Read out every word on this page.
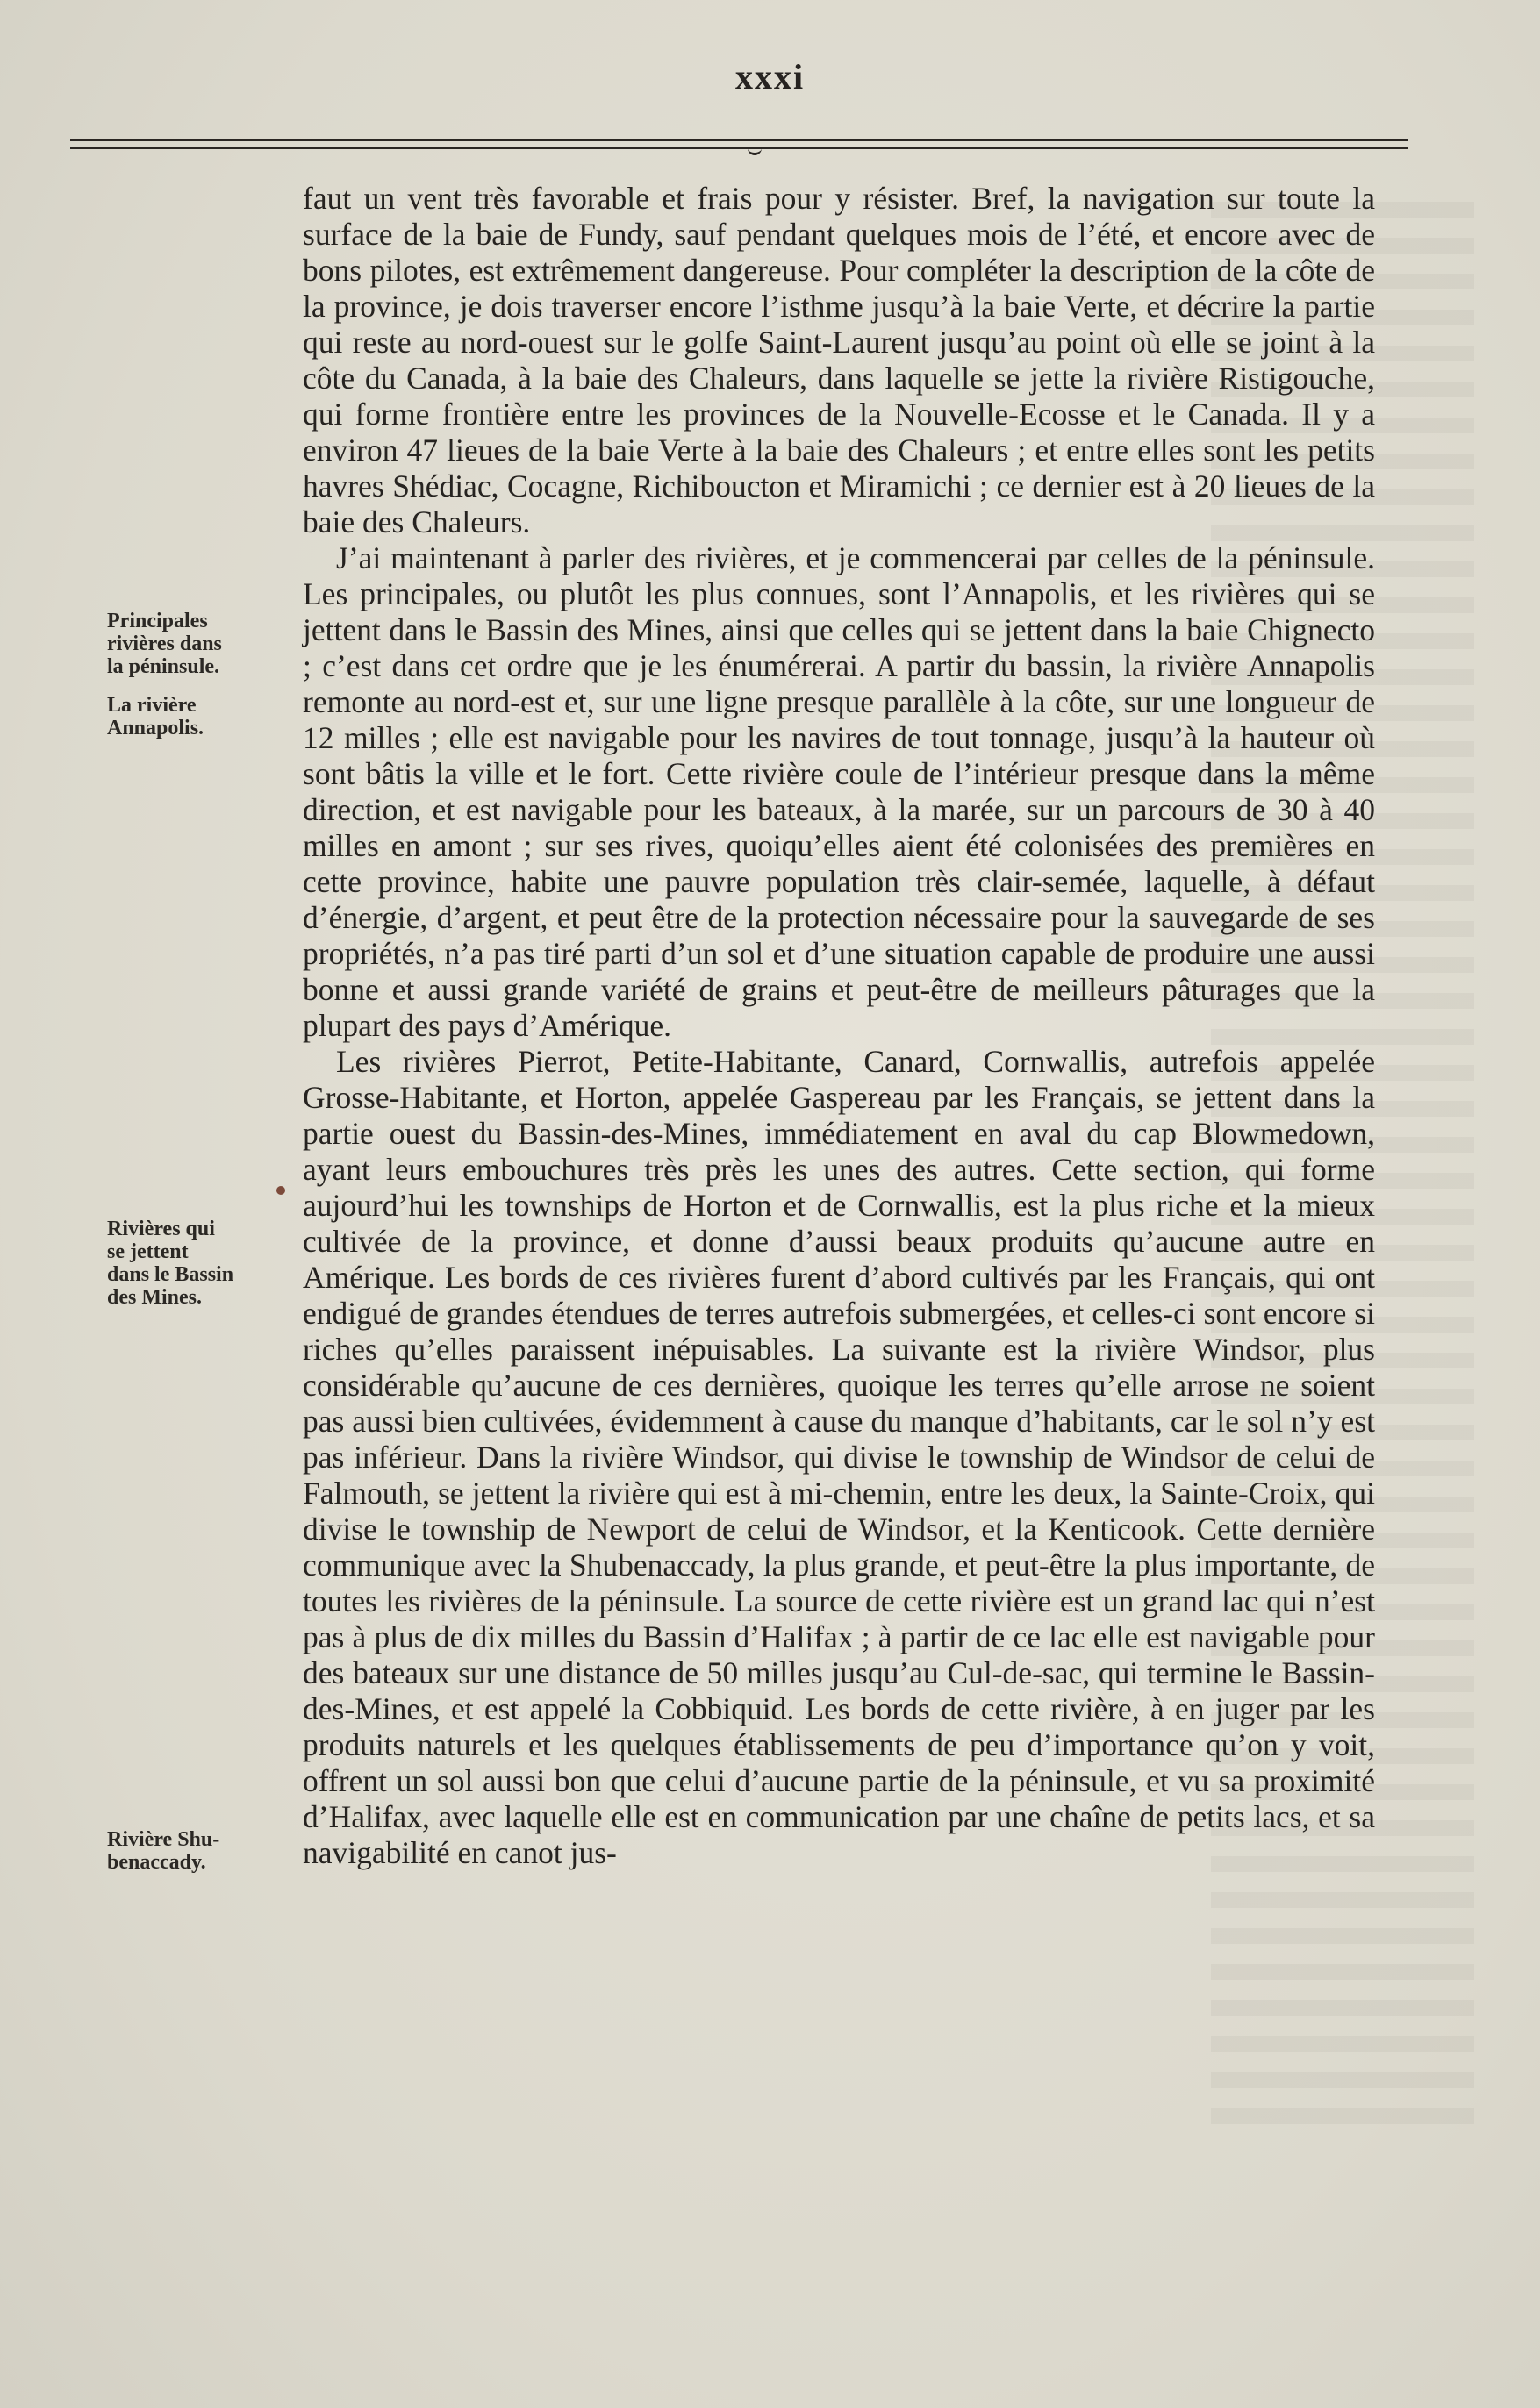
xxxi
Principales
rivières dans
la péninsule.
La rivière
Annapolis.
Rivières qui
se jettent
dans le Bassin
des Mines.
Rivière Shu-
benaccady.

faut un vent très favorable et frais pour y résister. Bref, la navigation sur toute la surface de la baie de Fundy, sauf pendant quelques mois de l’été, et encore avec de bons pilotes, est extrêmement dangereuse. Pour compléter la description de la côte de la province, je dois traverser encore l’isthme jusqu’à la baie Verte, et décrire la partie qui reste au nord-ouest sur le golfe Saint-Laurent jusqu’au point où elle se joint à la côte du Canada, à la baie des Chaleurs, dans laquelle se jette la rivière Ristigouche, qui forme frontière entre les provinces de la Nouvelle-Ecosse et le Canada. Il y a environ 47 lieues de la baie Verte à la baie des Chaleurs ; et entre elles sont les petits havres Shédiac, Cocagne, Richiboucton et Miramichi ; ce dernier est à 20 lieues de la baie des Chaleurs.

J’ai maintenant à parler des rivières, et je commencerai par celles de la péninsule. Les principales, ou plutôt les plus connues, sont l’Annapolis, et les rivières qui se jettent dans le Bassin des Mines, ainsi que celles qui se jettent dans la baie Chignecto ; c’est dans cet ordre que je les énumérerai. A partir du bassin, la rivière Annapolis remonte au nord-est et, sur une ligne presque parallèle à la côte, sur une longueur de 12 milles ; elle est navigable pour les navires de tout tonnage, jusqu’à la hauteur où sont bâtis la ville et le fort. Cette rivière coule de l’intérieur presque dans la même direction, et est navigable pour les bateaux, à la marée, sur un parcours de 30 à 40 milles en amont ; sur ses rives, quoiqu’elles aient été colonisées des premières en cette province, habite une pauvre population très clair-semée, laquelle, à défaut d’énergie, d’argent, et peut être de la protection nécessaire pour la sauvegarde de ses propriétés, n’a pas tiré parti d’un sol et d’une situation capable de produire une aussi bonne et aussi grande variété de grains et peut-être de meilleurs pâturages que la plupart des pays d’Amérique.

Les rivières Pierrot, Petite-Habitante, Canard, Cornwallis, autrefois appelée Grosse-Habitante, et Horton, appelée Gaspereau par les Français, se jettent dans la partie ouest du Bassin-des-Mines, immédiatement en aval du cap Blowmedown, ayant leurs embouchures très près les unes des autres. Cette section, qui forme aujourd’hui les townships de Horton et de Cornwallis, est la plus riche et la mieux cultivée de la province, et donne d’aussi beaux produits qu’aucune autre en Amérique. Les bords de ces rivières furent d’abord cultivés par les Français, qui ont endigué de grandes étendues de terres autrefois submergées, et celles-ci sont encore si riches qu’elles paraissent inépuisables. La suivante est la rivière Windsor, plus considérable qu’aucune de ces dernières, quoique les terres qu’elle arrose ne soient pas aussi bien cultivées, évidemment à cause du manque d’habitants, car le sol n’y est pas inférieur. Dans la rivière Windsor, qui divise le township de Windsor de celui de Falmouth, se jettent la rivière qui est à mi-chemin, entre les deux, la Sainte-Croix, qui divise le township de Newport de celui de Windsor, et la Kenticook. Cette dernière communique avec la Shubenaccady, la plus grande, et peut-être la plus importante, de toutes les rivières de la péninsule. La source de cette rivière est un grand lac qui n’est pas à plus de dix milles du Bassin d’Halifax ; à partir de ce lac elle est navigable pour des bateaux sur une distance de 50 milles jusqu’au Cul-de-sac, qui termine le Bassin-des-Mines, et est appelé la Cobbiquid. Les bords de cette rivière, à en juger par les produits naturels et les quelques établissements de peu d’importance qu’on y voit, offrent un sol aussi bon que celui d’aucune partie de la péninsule, et vu sa proximité d’Halifax, avec laquelle elle est en communication par une chaîne de petits lacs, et sa navigabilité en canot jus-
